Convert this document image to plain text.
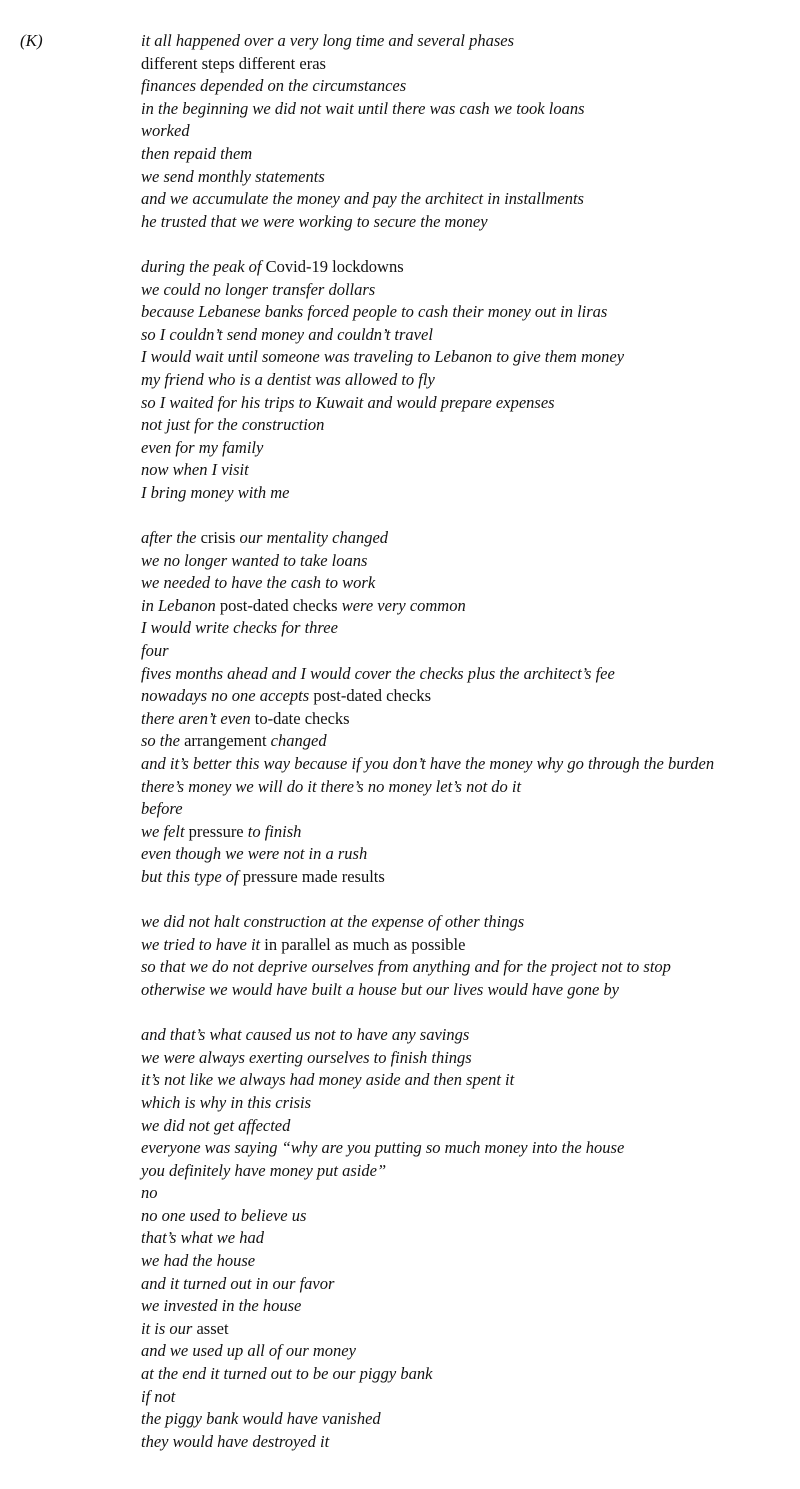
(K)	it all happened over a very long time and several phases
different steps different eras
finances depended on the circumstances
in the beginning we did not wait until there was cash we took loans
worked
then repaid them
we send monthly statements
and we accumulate the money and pay the architect in installments
he trusted that we were working to secure the money
during the peak of Covid-19 lockdowns
we could no longer transfer dollars
because Lebanese banks forced people to cash their money out in liras
so I couldn’t send money and couldn’t travel
I would wait until someone was traveling to Lebanon to give them money
my friend who is a dentist was allowed to fly
so I waited for his trips to Kuwait and would prepare expenses
not just for the construction
even for my family
now when I visit
I bring money with me
after the crisis our mentality changed
we no longer wanted to take loans
we needed to have the cash to work
in Lebanon post-dated checks were very common
I would write checks for three
four
fives months ahead and I would cover the checks plus the architect’s fee
nowadays no one accepts post-dated checks
there aren’t even to-date checks
so the arrangement changed
and it’s better this way because if you don’t have the money why go through the burden
there’s money we will do it there’s no money let’s not do it
before
we felt pressure to finish
even though we were not in a rush
but this type of pressure made results
we did not halt construction at the expense of other things
we tried to have it in parallel as much as possible
so that we do not deprive ourselves from anything and for the project not to stop
otherwise we would have built a house but our lives would have gone by
and that’s what caused us not to have any savings
we were always exerting ourselves to finish things
it’s not like we always had money aside and then spent it
which is why in this crisis
we did not get affected
everyone was saying “why are you putting so much money into the house
you definitely have money put aside”
no
no one used to believe us
that’s what we had
we had the house
and it turned out in our favor
we invested in the house
it is our asset
and we used up all of our money
at the end it turned out to be our piggy bank
if not
the piggy bank would have vanished
they would have destroyed it
